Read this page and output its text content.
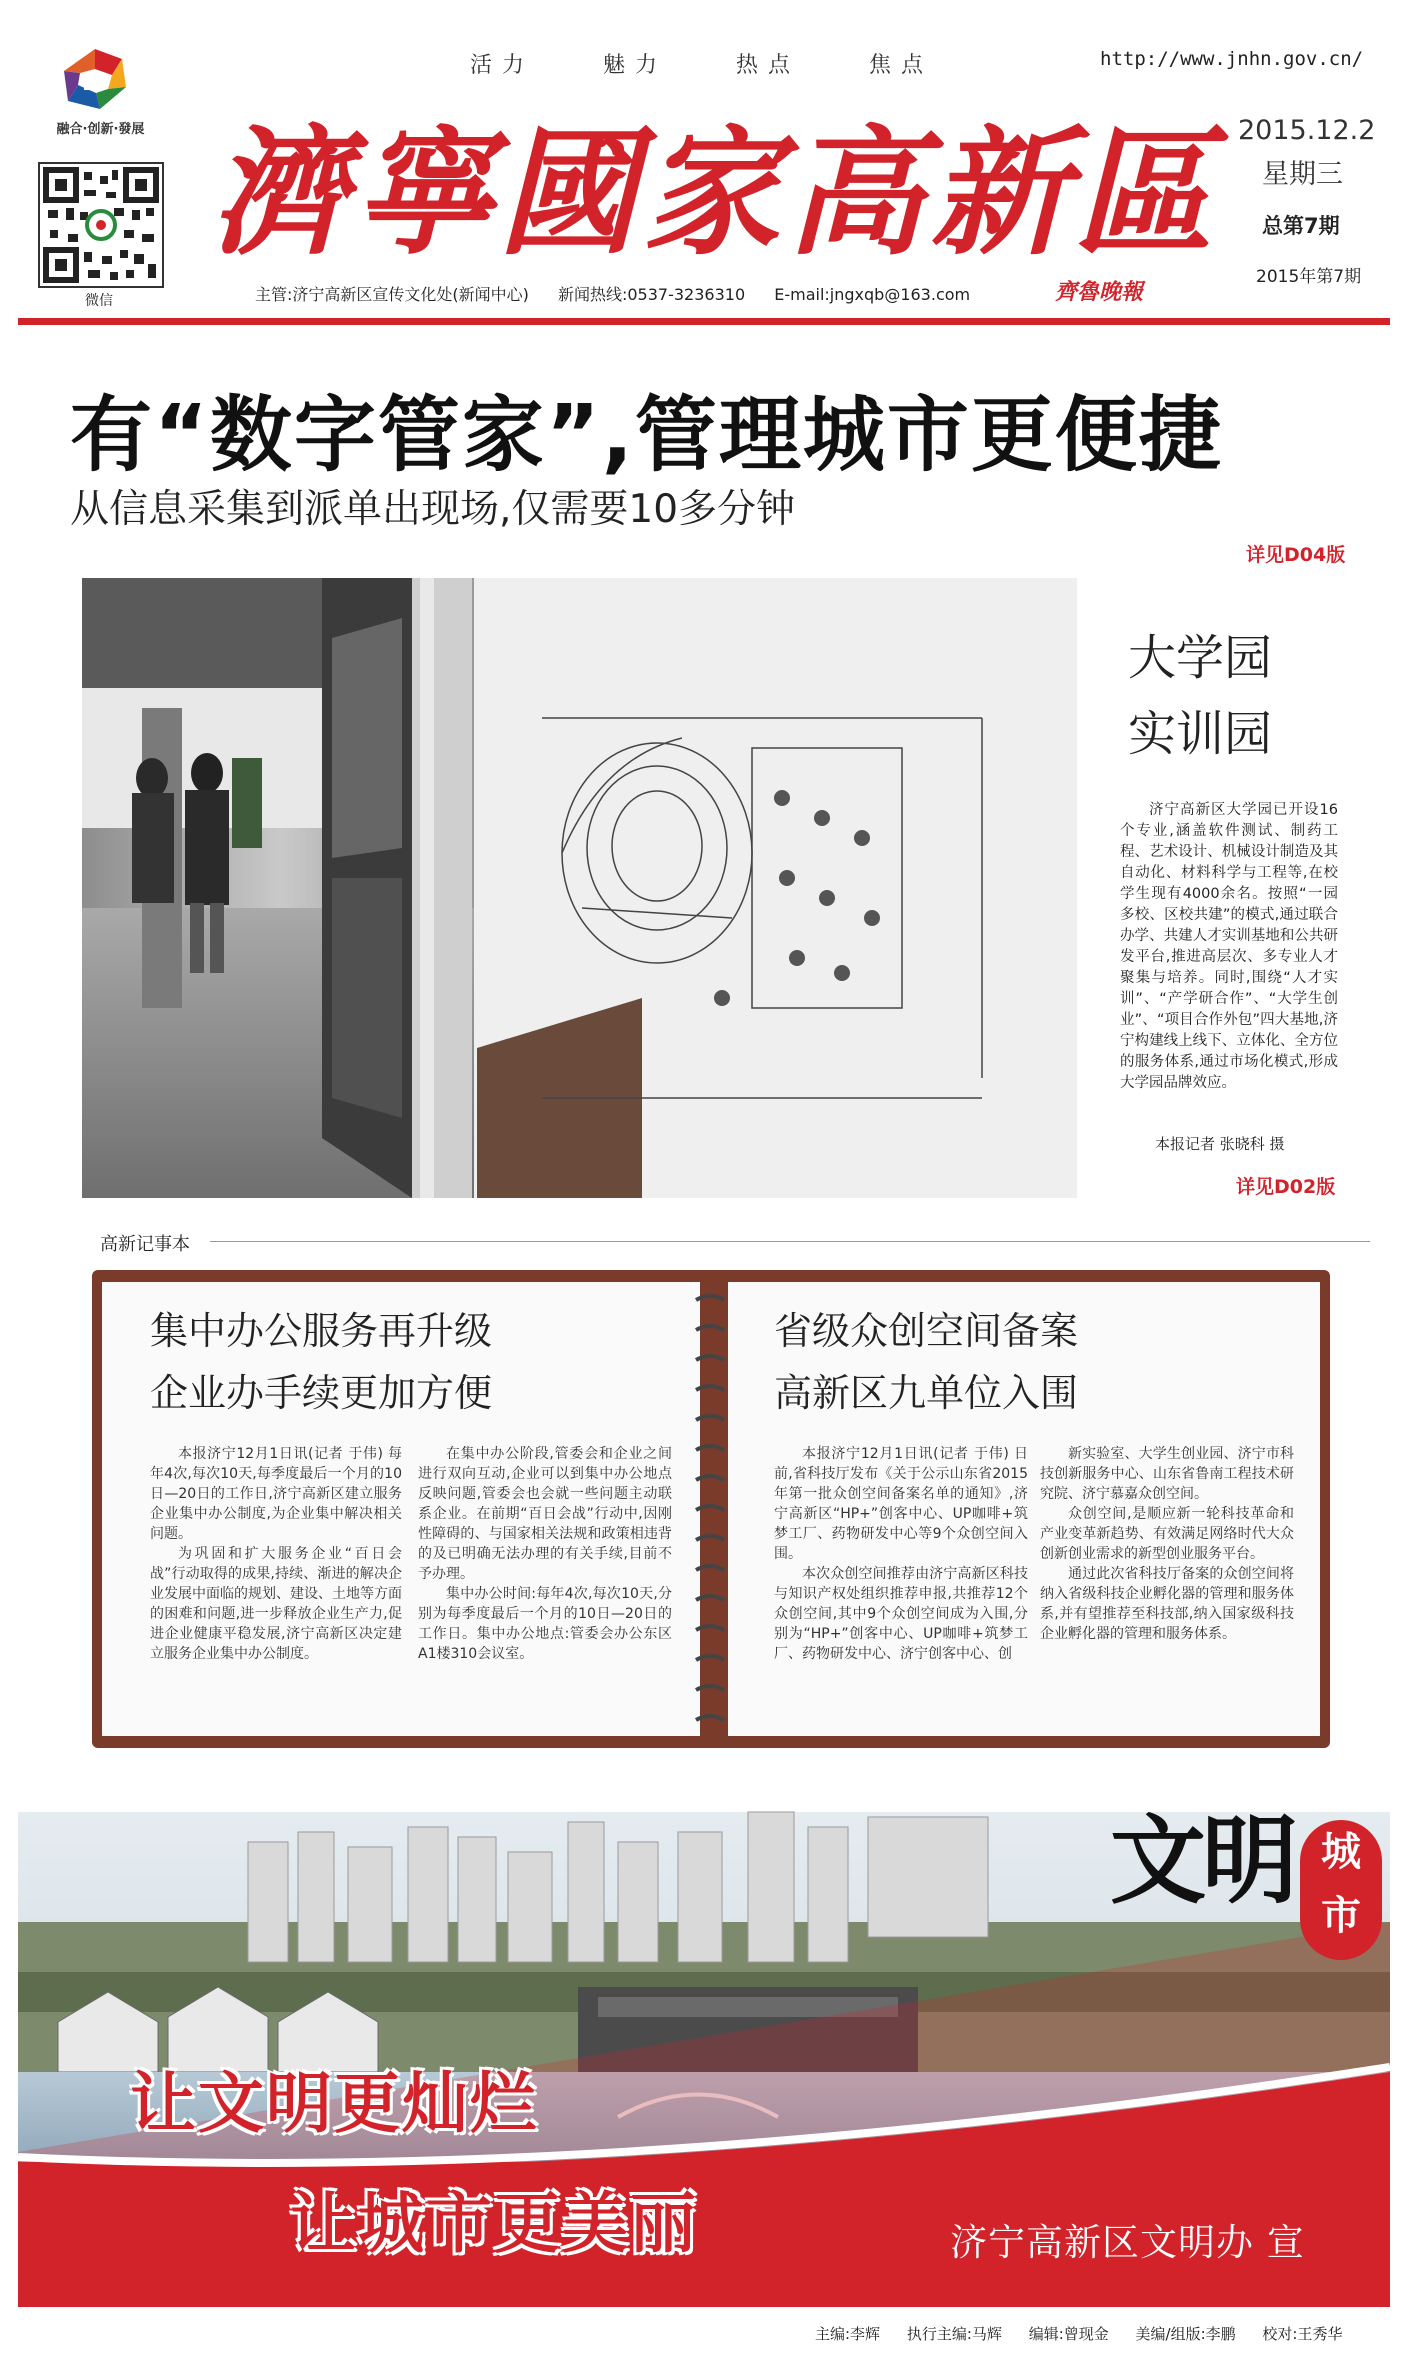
融合·创新·發展
微信
活力	魅力	热点	焦点	http://www.jnhn.gov.cn/
濟寧國家高新區 2015.12.2
星期三
总第7期
2015年第7期
主管:济宁高新区宣传文化处(新闻中心) 新闻热线:0537-3236310 E-mail:jngxqb@163.com	齊魯晚報
有“数字管家”,管理城市更便捷
从信息采集到派单出现场,仅需要10多分钟
详见D04版
大学园
实训园
济宁高新区大学园已开设16个专业,涵盖软件测试、制药工程、艺术设计、机械设计制造及其自动化、材料科学与工程等,在校学生现有4000余名。按照“一园多校、区校共建”的模式,通过联合办学、共建人才实训基地和公共研发平台,推进高层次、多专业人才聚集与培养。同时,围绕“人才实训”、“产学研合作”、“大学生创业”、“项目合作外包”四大基地,济宁构建线上线下、立体化、全方位的服务体系,通过市场化模式,形成大学园品牌效应。
本报记者 张晓科 摄
详见D02版
高新记事本
集中办公服务再升级
企业办手续更加方便

本报济宁12月1日讯(记者 于伟) 每年4次,每次10天,每季度最后一个月的10日—20日的工作日,济宁高新区建立服务企业集中办公制度,为企业集中解决相关问题。

为巩固和扩大服务企业“百日会战”行动取得的成果,持续、渐进的解决企业发展中面临的规划、建设、土地等方面的困难和问题,进一步释放企业生产力,促进企业健康平稳发展,济宁高新区决定建立服务企业集中办公制度。

在集中办公阶段,管委会和企业之间进行双向互动,企业可以到集中办公地点反映问题,管委会也会就一些问题主动联系企业。在前期“百日会战”行动中,因刚性障碍的、与国家相关法规和政策相违背的及已明确无法办理的有关手续,目前不予办理。

集中办公时间:每年4次,每次10天,分别为每季度最后一个月的10日—20日的工作日。集中办公地点:管委会办公东区A1楼310会议室。

省级众创空间备案
高新区九单位入围

本报济宁12月1日讯(记者 于伟) 日前,省科技厅发布《关于公示山东省2015年第一批众创空间备案名单的通知》,济宁高新区“HP+”创客中心、UP咖啡+筑梦工厂、药物研发中心等9个众创空间入围。

本次众创空间推荐由济宁高新区科技与知识产权处组织推荐申报,共推荐12个众创空间,其中9个众创空间成为入围,分别为“HP+”创客中心、UP咖啡+筑梦工厂、药物研发中心、济宁创客中心、创

新实验室、大学生创业园、济宁市科技创新服务中心、山东省鲁南工程技术研究院、济宁慕嘉众创空间。

众创空间,是顺应新一轮科技革命和产业变革新趋势、有效满足网络时代大众创新创业需求的新型创业服务平台。

通过此次省科技厅备案的众创空间将纳入省级科技企业孵化器的管理和服务体系,并有望推荐至科技部,纳入国家级科技企业孵化器的管理和服务体系。

文明 城
市
让文明更灿烂
让城市更美丽	济宁高新区文明办 宣
主编:李辉 执行主编:马辉 编辑:曾现金 美编/组版:李鹏 校对:王秀华
